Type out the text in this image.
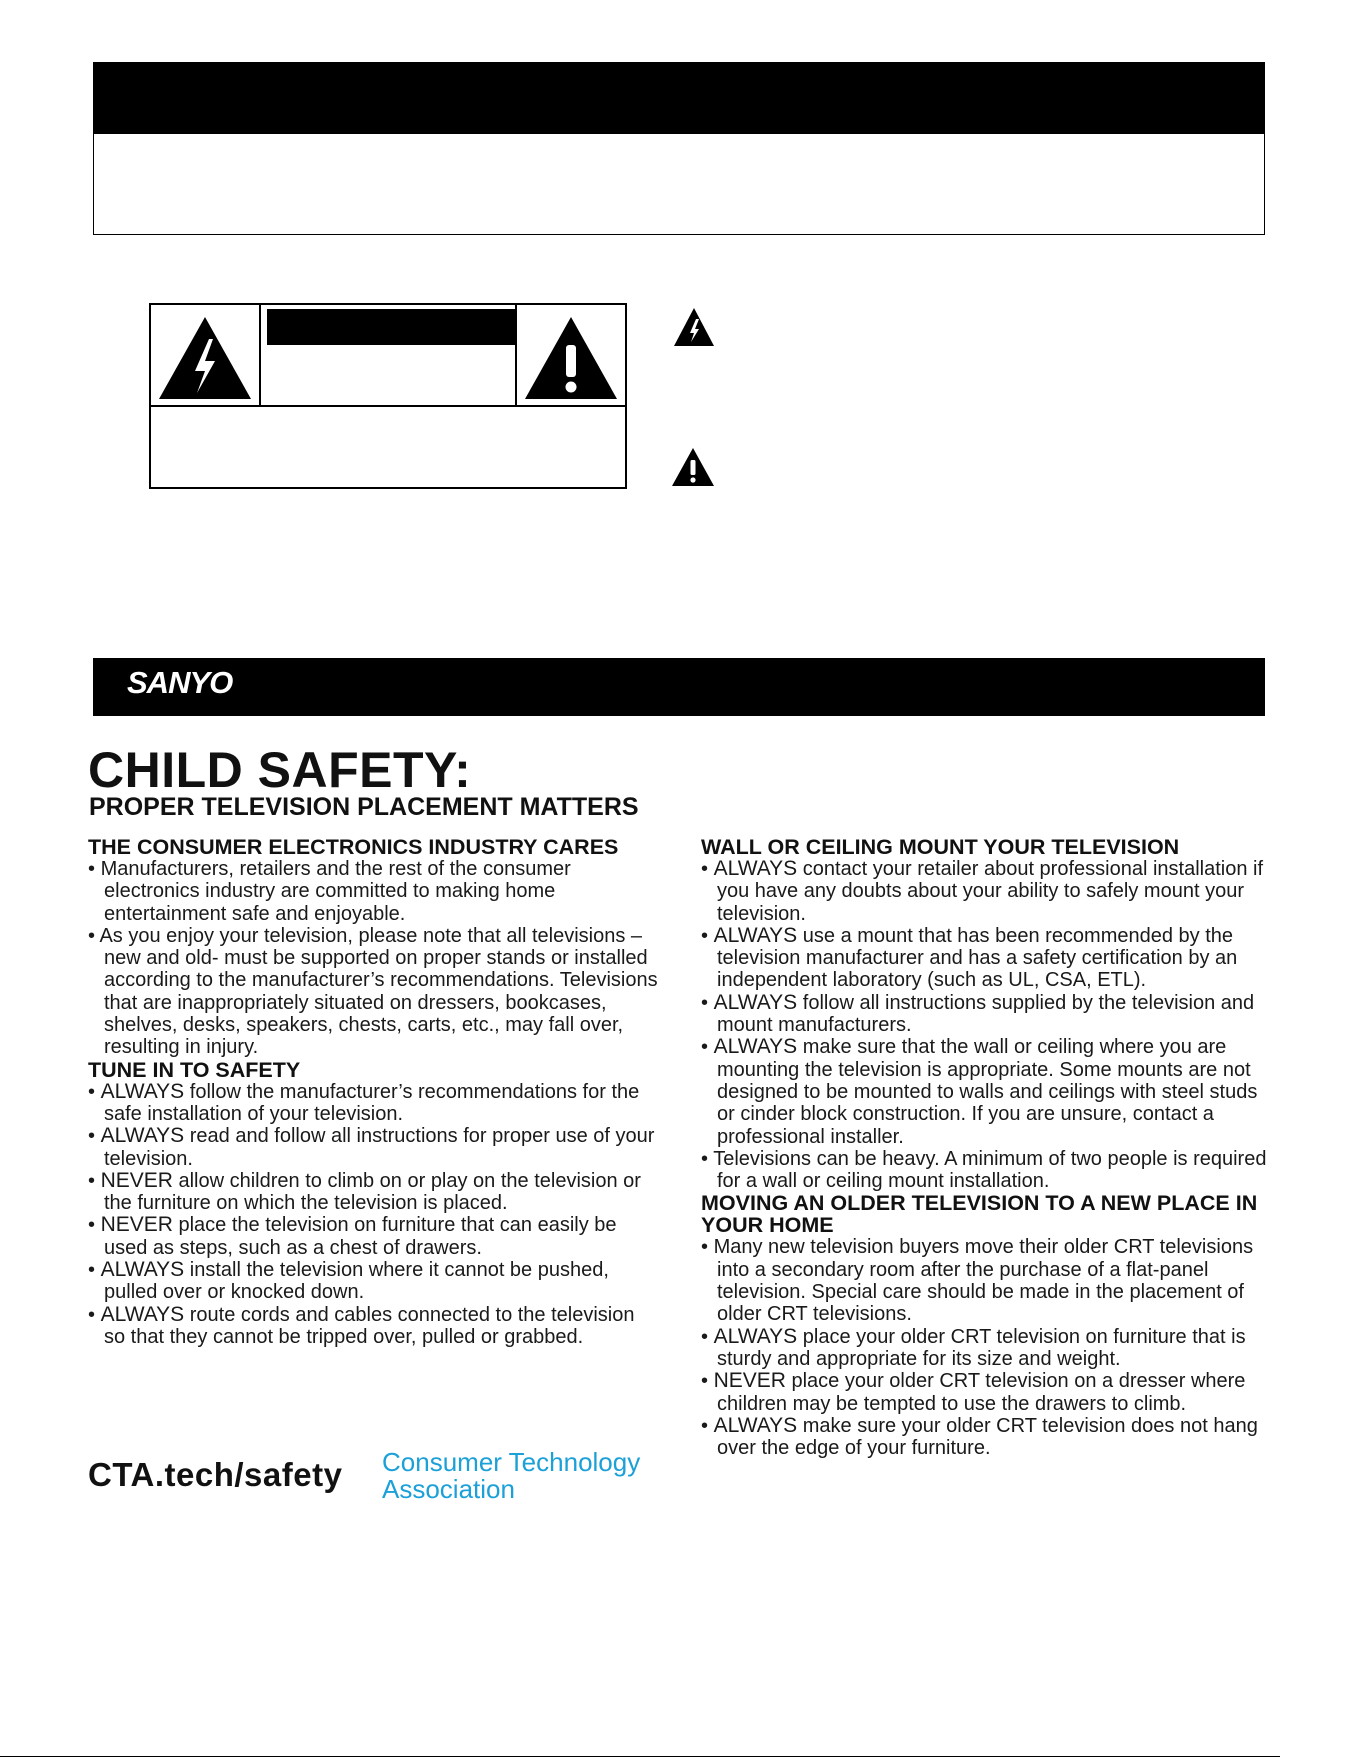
SANYO
CHILD SAFETY:
PROPER TELEVISION PLACEMENT MATTERS

THE CONSUMER ELECTRONICS INDUSTRY CARES

• Manufacturers, retailers and the rest of the consumer electronics industry are committed to making home entertainment safe and enjoyable.

• As you enjoy your television, please note that all televisions – new and old- must be supported on proper stands or installed according to the manufacturer’s recommendations. Televisions that are inappropriately situated on dressers, bookcases, shelves, desks, speakers, chests, carts, etc., may fall over, resulting in injury.

TUNE IN TO SAFETY

• ALWAYS follow the manufacturer’s recommendations for the safe installation of your television.

• ALWAYS read and follow all instructions for proper use of your television.

• NEVER allow children to climb on or play on the television or the furniture on which the television is placed.

• NEVER place the television on furniture that can easily be used as steps, such as a chest of drawers.

• ALWAYS install the television where it cannot be pushed, pulled over or knocked down.

• ALWAYS route cords and cables connected to the television so that they cannot be tripped over, pulled or grabbed.

WALL OR CEILING MOUNT YOUR TELEVISION

• ALWAYS contact your retailer about professional installation if you have any doubts about your ability to safely mount your television.

• ALWAYS use a mount that has been recommended by the television manufacturer and has a safety certification by an independent laboratory (such as UL, CSA, ETL).

• ALWAYS follow all instructions supplied by the television and mount manufacturers.

• ALWAYS make sure that the wall or ceiling where you are mounting the television is appropriate. Some mounts are not designed to be mounted to walls and ceilings with steel studs or cinder block construction. If you are unsure, contact a professional installer.

• Televisions can be heavy. A minimum of two people is required for a wall or ceiling mount installation.

MOVING AN OLDER TELEVISION TO A NEW PLACE IN YOUR HOME

• Many new television buyers move their older CRT televisions into a secondary room after the purchase of a flat-panel television. Special care should be made in the placement of older CRT televisions.

• ALWAYS place your older CRT television on furniture that is sturdy and appropriate for its size and weight.

• NEVER place your older CRT television on a dresser where children may be tempted to use the drawers to climb.

• ALWAYS make sure your older CRT television does not hang over the edge of your furniture.

CTA.tech/safety Consumer Technology
Association
